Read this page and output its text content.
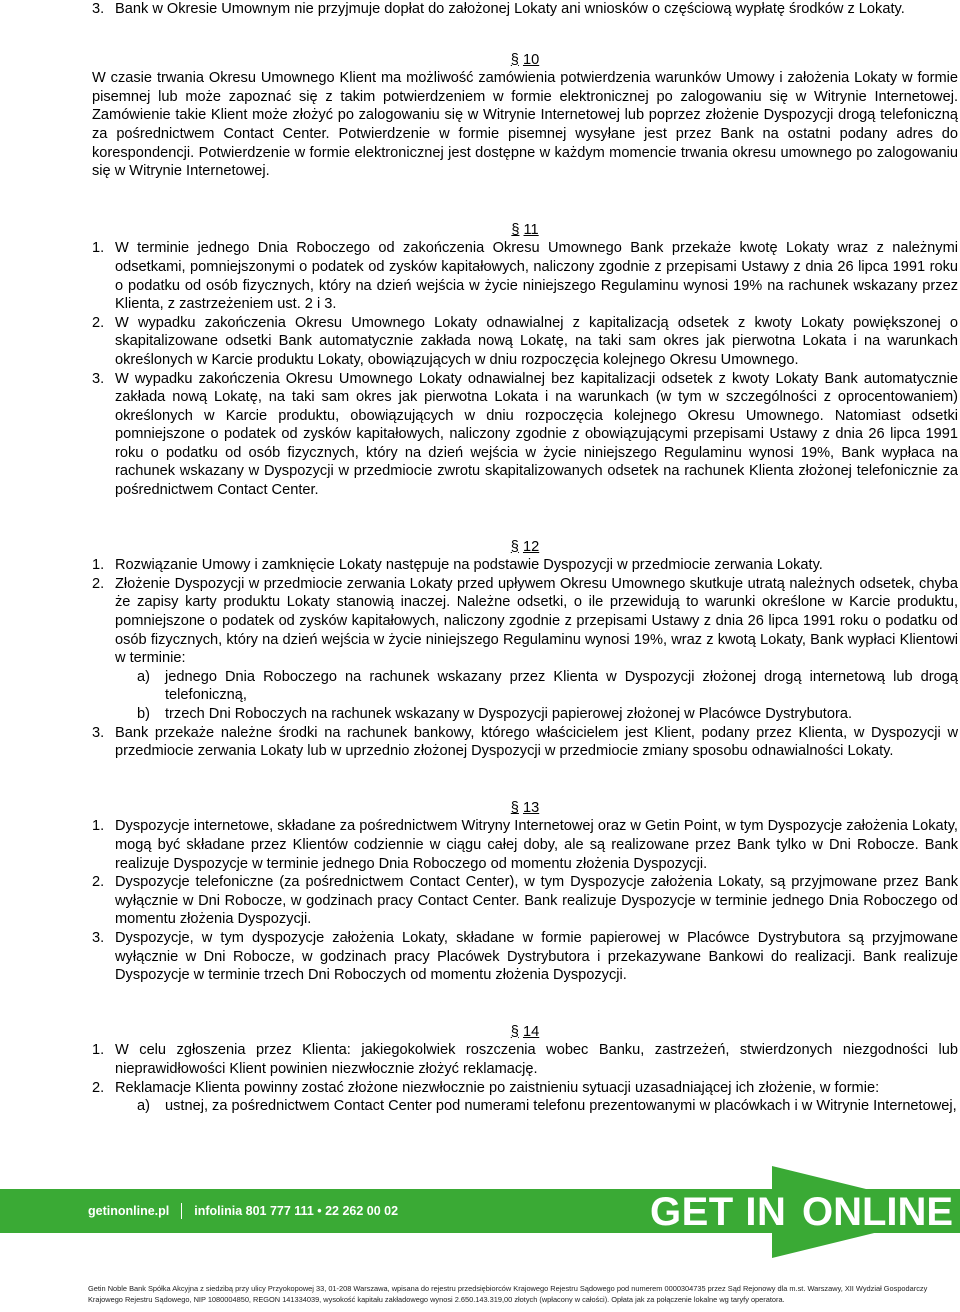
3. Bank w Okresie Umownym nie przyjmuje dopłat do założonej Lokaty ani wniosków o częściową wypłatę środków z Lokaty.
§ 10

W czasie trwania Okresu Umownego Klient ma możliwość zamówienia potwierdzenia warunków Umowy i założenia Lokaty w formie pisemnej lub może zapoznać się z takim potwierdzeniem w formie elektronicznej po zalogowaniu się w Witrynie Internetowej. Zamówienie takie Klient może złożyć po zalogowaniu się w Witrynie Internetowej lub poprzez złożenie Dyspozycji drogą telefoniczną za pośrednictwem Contact Center. Potwierdzenie w formie pisemnej wysyłane jest przez Bank na ostatni podany adres do korespondencji. Potwierdzenie w formie elektronicznej jest dostępne w każdym momencie trwania okresu umownego po zalogowaniu się w Witrynie Internetowej.

§ 11
1. W terminie jednego Dnia Roboczego od zakończenia Okresu Umownego Bank przekaże kwotę Lokaty wraz z należnymi odsetkami, pomniejszonymi o podatek od zysków kapitałowych, naliczony zgodnie z przepisami Ustawy z dnia 26 lipca 1991 roku o podatku od osób fizycznych, który na dzień wejścia w życie niniejszego Regulaminu wynosi 19% na rachunek wskazany przez Klienta, z zastrzeżeniem ust. 2 i 3.
2. W wypadku zakończenia Okresu Umownego Lokaty odnawialnej z kapitalizacją odsetek z kwoty Lokaty powiększonej o skapitalizowane odsetki Bank automatycznie zakłada nową Lokatę, na taki sam okres jak pierwotna Lokata i na warunkach określonych w Karcie produktu Lokaty, obowiązujących w dniu rozpoczęcia kolejnego Okresu Umownego.
3. W wypadku zakończenia Okresu Umownego Lokaty odnawialnej bez kapitalizacji odsetek z kwoty Lokaty Bank automatycznie zakłada nową Lokatę, na taki sam okres jak pierwotna Lokata i na warunkach (w tym w szczególności z oprocentowaniem) określonych w Karcie produktu, obowiązujących w dniu rozpoczęcia kolejnego Okresu Umownego. Natomiast odsetki pomniejszone o podatek od zysków kapitałowych, naliczony zgodnie z obowiązującymi przepisami Ustawy z dnia 26 lipca 1991 roku o podatku od osób fizycznych, który na dzień wejścia w życie niniejszego Regulaminu wynosi 19%, Bank wypłaca na rachunek wskazany w Dyspozycji w przedmiocie zwrotu skapitalizowanych odsetek na rachunek Klienta złożonej telefonicznie za pośrednictwem Contact Center.
§ 12
1. Rozwiązanie Umowy i zamknięcie Lokaty następuje na podstawie Dyspozycji w przedmiocie zerwania Lokaty.
2. Złożenie Dyspozycji w przedmiocie zerwania Lokaty przed upływem Okresu Umownego skutkuje utratą należnych odsetek, chyba że zapisy karty produktu Lokaty stanowią inaczej. Należne odsetki, o ile przewidują to warunki określone w Karcie produktu, pomniejszone o podatek od zysków kapitałowych, naliczony zgodnie z przepisami Ustawy z dnia 26 lipca 1991 roku o podatku od osób fizycznych, który na dzień wejścia w życie niniejszego Regulaminu wynosi 19%, wraz z kwotą Lokaty, Bank wypłaci Klientowi w terminie:
a)	jednego Dnia Roboczego na rachunek wskazany przez Klienta w Dyspozycji złożonej drogą internetową lub drogą telefoniczną,
b)	trzech Dni Roboczych na rachunek wskazany w Dyspozycji papierowej złożonej w Placówce Dystrybutora.
3. Bank przekaże należne środki na rachunek bankowy, którego właścicielem jest Klient, podany przez Klienta, w Dyspozycji w przedmiocie zerwania Lokaty lub w uprzednio złożonej Dyspozycji w przedmiocie zmiany sposobu odnawialności Lokaty.
§ 13
1. Dyspozycje internetowe, składane za pośrednictwem Witryny Internetowej oraz w Getin Point, w tym Dyspozycje założenia Lokaty, mogą być składane przez Klientów codziennie w ciągu całej doby, ale są realizowane przez Bank tylko w Dni Robocze. Bank realizuje Dyspozycje w terminie jednego Dnia Roboczego od momentu złożenia Dyspozycji.
2. Dyspozycje telefoniczne (za pośrednictwem Contact Center), w tym Dyspozycje założenia Lokaty, są przyjmowane przez Bank wyłącznie w Dni Robocze, w godzinach pracy Contact Center. Bank realizuje Dyspozycje w terminie jednego Dnia Roboczego od momentu złożenia Dyspozycji.
3. Dyspozycje, w tym dyspozycje założenia Lokaty, składane w formie papierowej w Placówce Dystrybutora są przyjmowane wyłącznie w Dni Robocze, w godzinach pracy Placówek Dystrybutora i przekazywane Bankowi do realizacji. Bank realizuje Dyspozycje w terminie trzech Dni Roboczych od momentu złożenia Dyspozycji.
§ 14
1. W celu zgłoszenia przez Klienta: jakiegokolwiek roszczenia wobec Banku, zastrzeżeń, stwierdzonych niezgodności lub nieprawidłowości Klient powinien niezwłocznie złożyć reklamację.
2. Reklamacje Klienta powinny zostać złożone niezwłocznie po zaistnieniu sytuacji uzasadniającej ich złożenie, w formie:
a)	ustnej, za pośrednictwem Contact Center pod numerami telefonu prezentowanymi w placówkach i w Witrynie Internetowej,
getinonline.pl infolinia 801 777 111 • 22 262 00 02	GET IN ONLINE
Getin Noble Bank Spółka Akcyjna z siedzibą przy ulicy Przyokopowej 33, 01-208 Warszawa, wpisana do rejestru przedsiębiorców Krajowego Rejestru Sądowego pod numerem 0000304735 przez Sąd Rejonowy dla m.st. Warszawy, XII Wydział Gospodarczy Krajowego Rejestru Sądowego, NIP 1080004850, REGON 141334039, wysokość kapitału zakładowego wynosi 2.650.143.319,00 złotych (wpłacony w całości). Opłata jak za połączenie lokalne wg taryfy operatora.
